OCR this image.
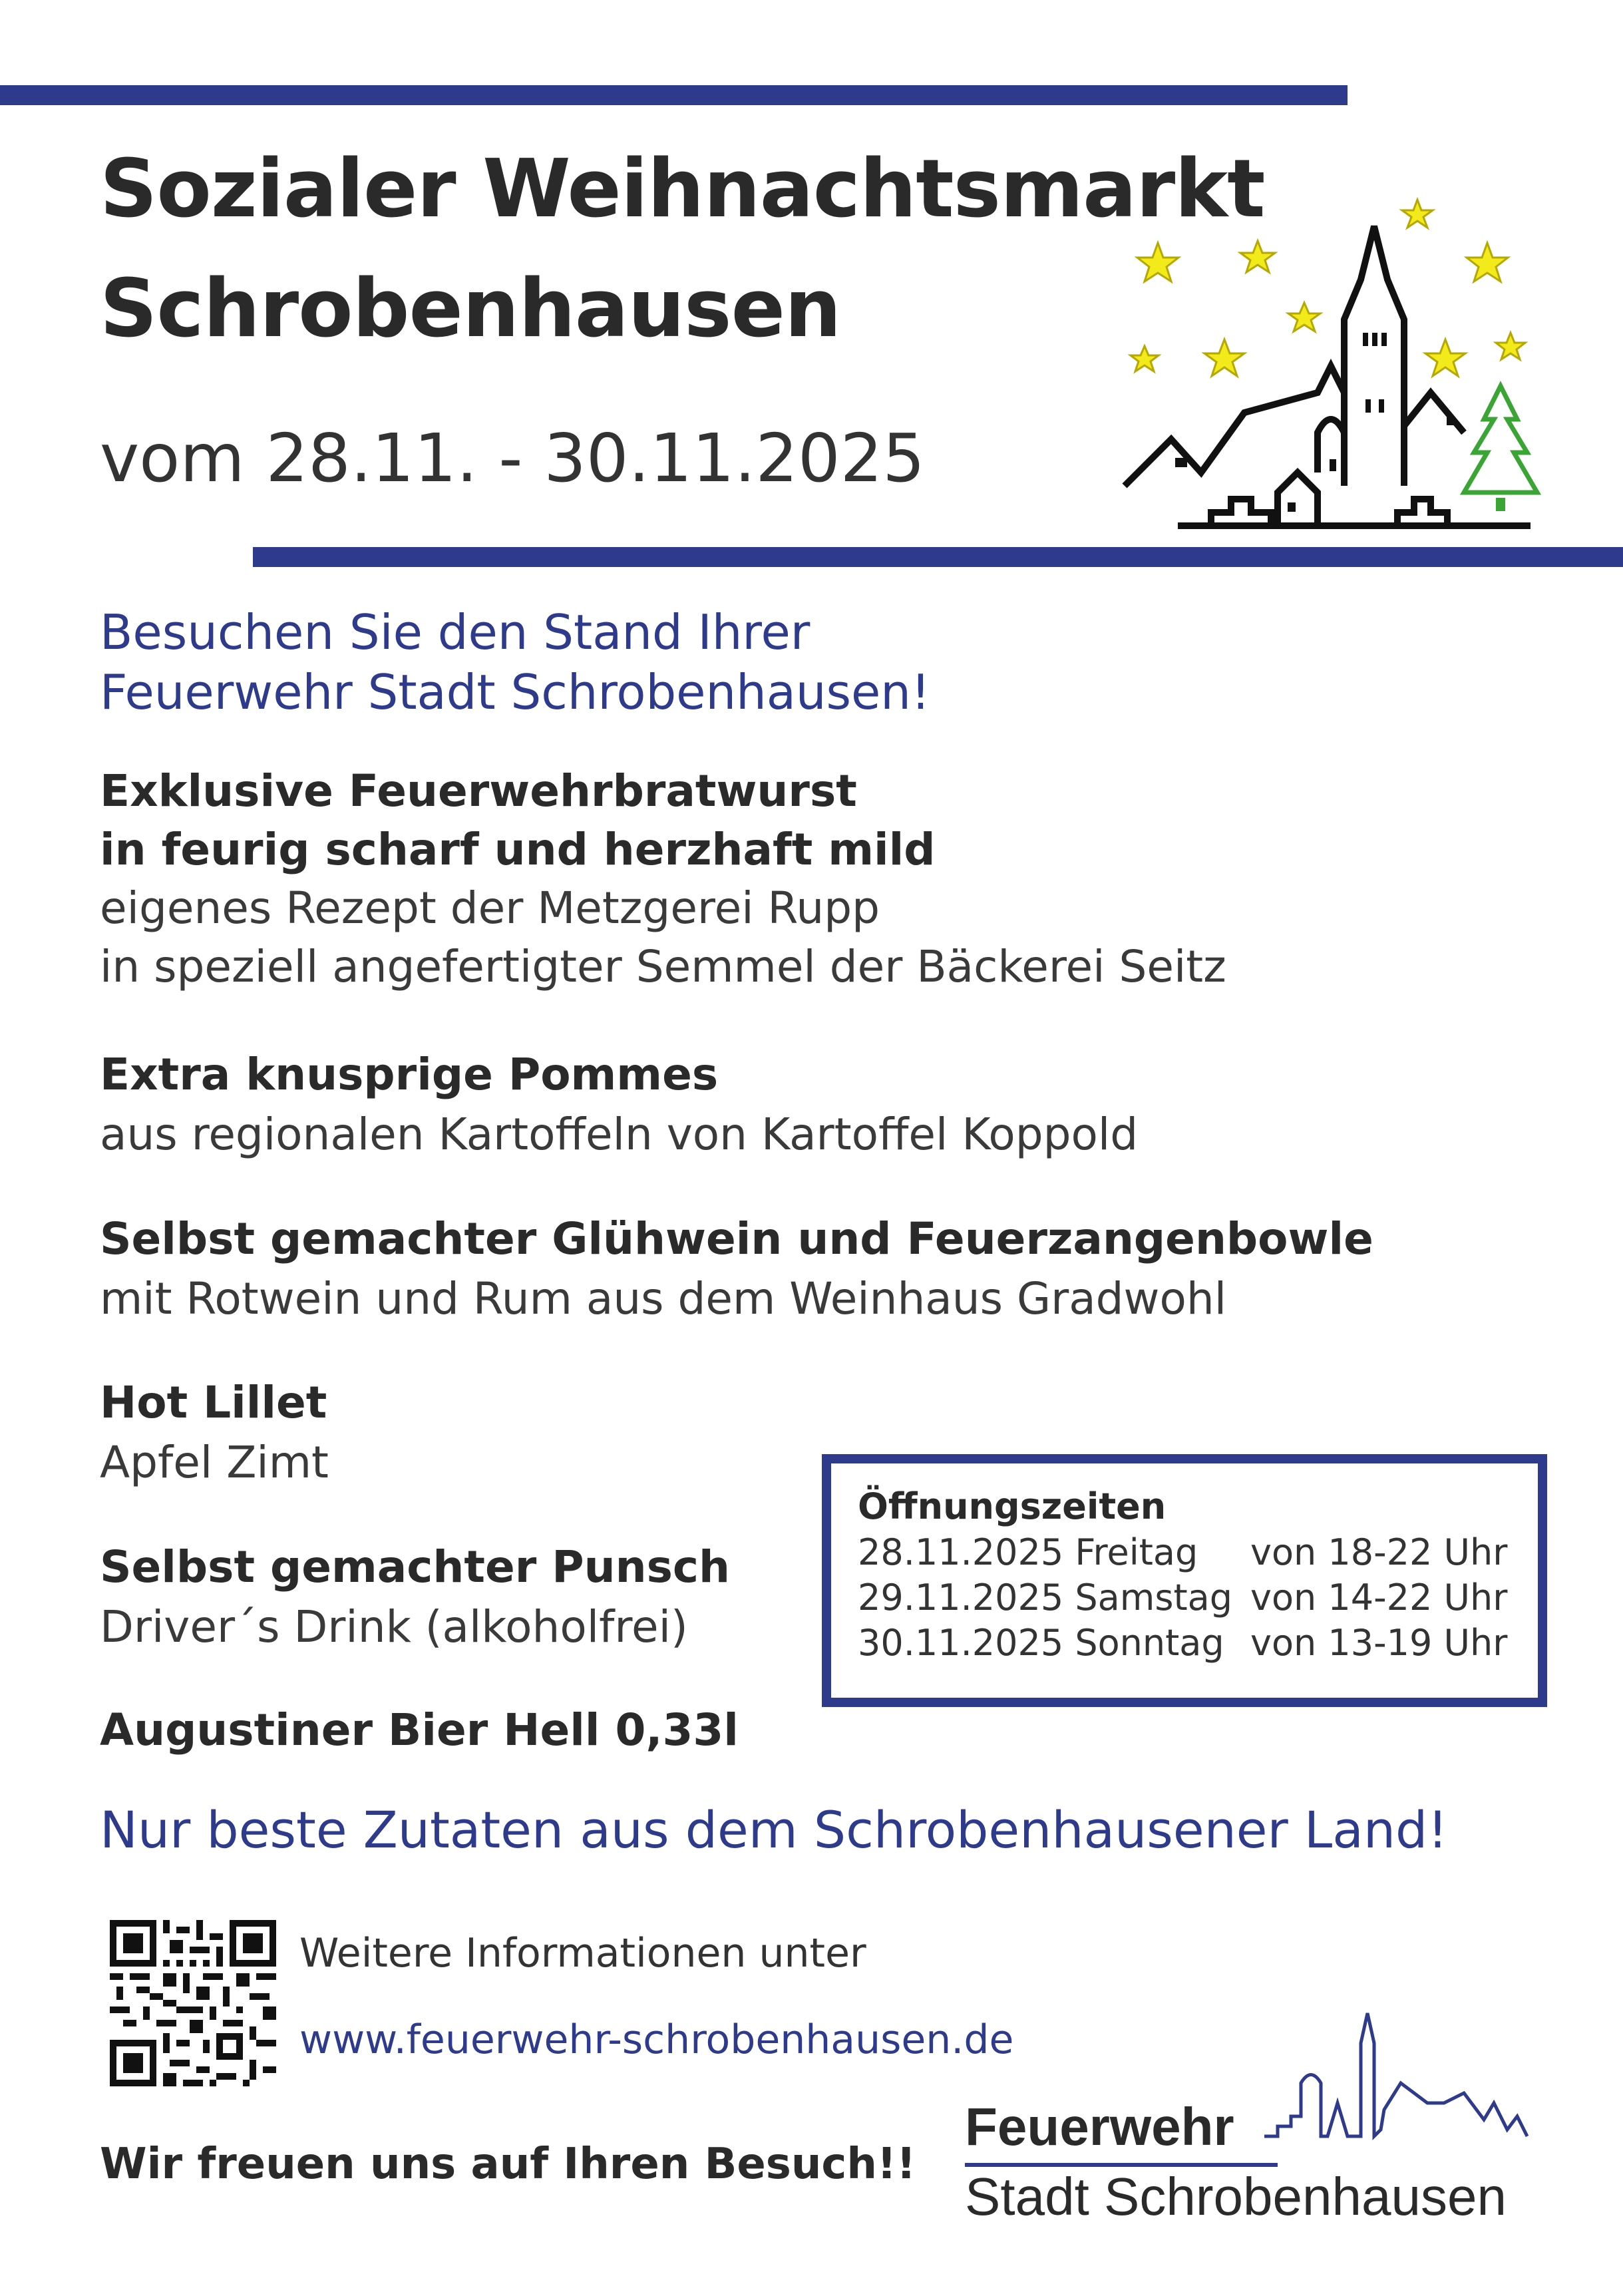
Sozialer Weihnachtsmarkt
Schrobenhausen
vom 28.11. - 30.11.2025
Besuchen Sie den Stand Ihrer
Feuerwehr Stadt Schrobenhausen!
Exklusive Feuerwehrbratwurst
in feurig scharf und herzhaft mild
eigenes Rezept der Metzgerei Rupp
in speziell angefertigter Semmel der Bäckerei Seitz
Extra knusprige Pommes
aus regionalen Kartoffeln von Kartoffel Koppold
Selbst gemachter Glühwein und Feuerzangenbowle
mit Rotwein und Rum aus dem Weinhaus Gradwohl
Hot Lillet
Apfel Zimt
Selbst gemachter Punsch
Driver´s Drink (alkoholfrei)
Augustiner Bier Hell 0,33l
Öffnungszeiten
28.11.2025 Freitag	von 18-22 Uhr
29.11.2025 Samstag	von 14-22 Uhr
30.11.2025 Sonntag	von 13-19 Uhr
Nur beste Zutaten aus dem Schrobenhausener Land!
Weitere Informationen unter
www.feuerwehr-schrobenhausen.de
Wir freuen uns auf Ihren Besuch!!
Feuerwehr
Stadt Schrobenhausen
